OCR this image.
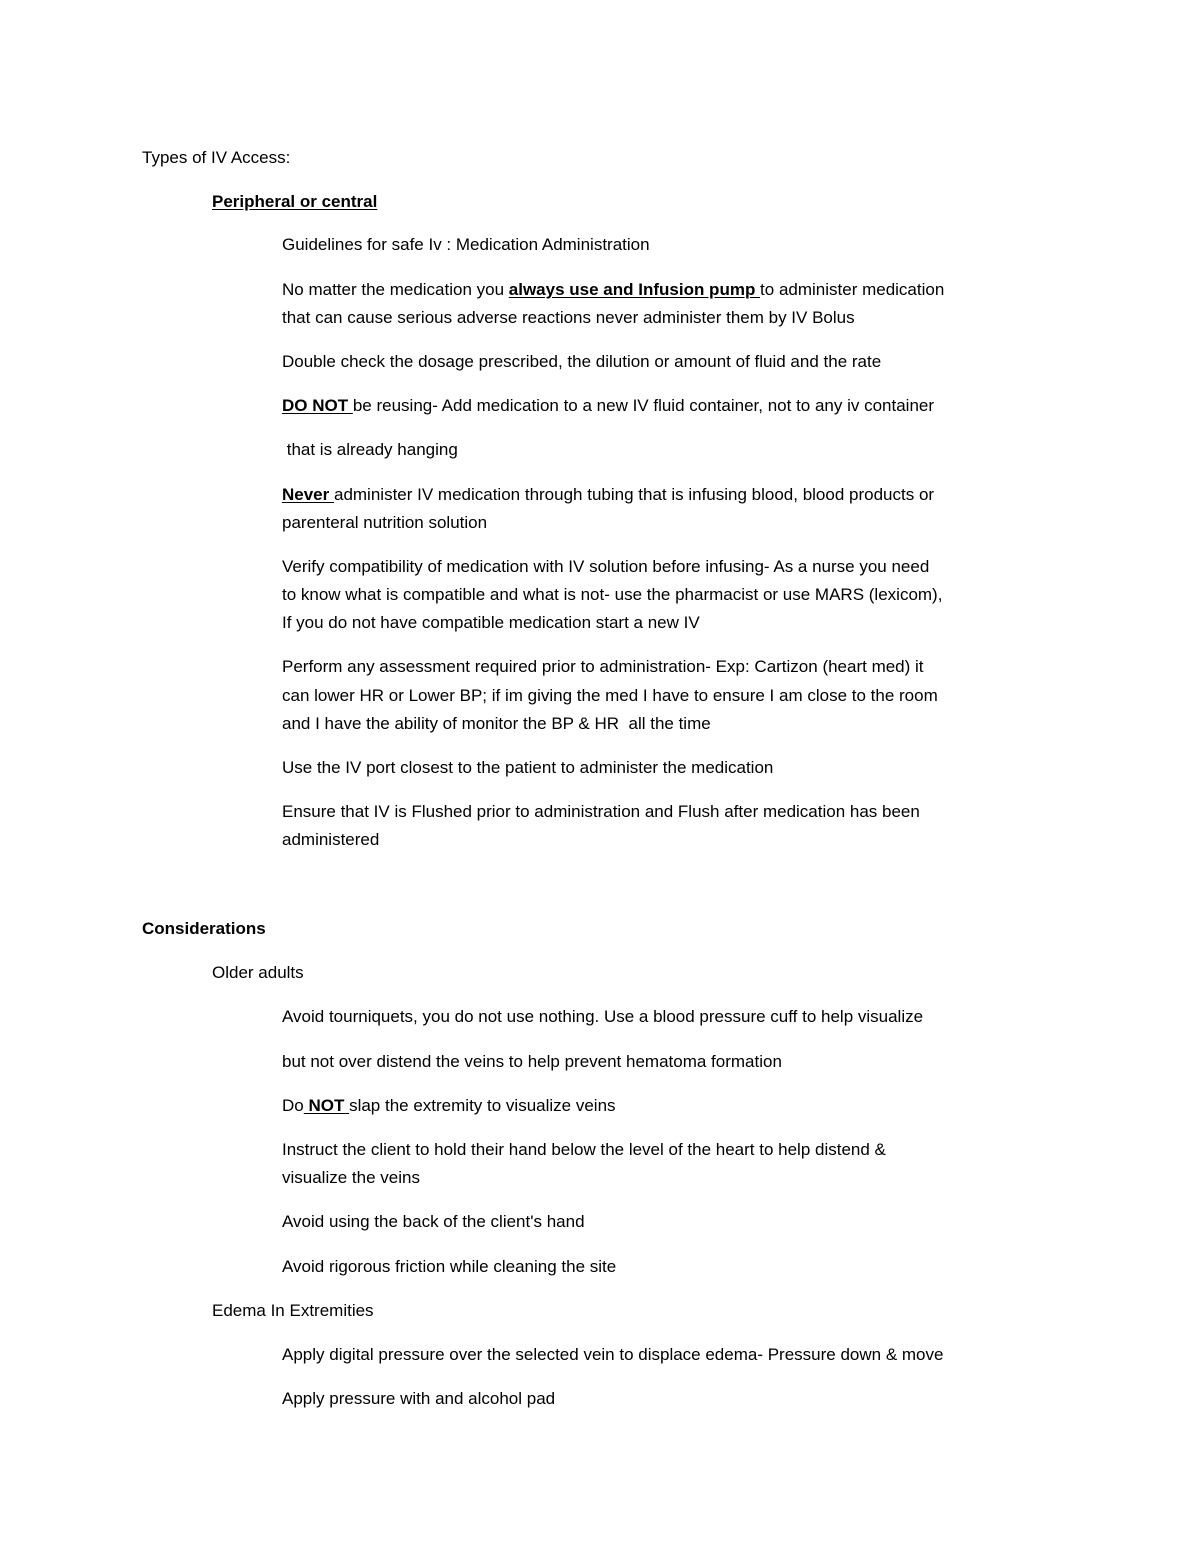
Types of IV Access:
Peripheral or central
Guidelines for safe Iv : Medication Administration
No matter the medication you always use and Infusion pump to administer medication
that can cause serious adverse reactions never administer them by IV Bolus
Double check the dosage prescribed, the dilution or amount of fluid and the rate
DO NOT be reusing- Add medication to a new IV fluid container, not to any iv container
that is already hanging
Never administer IV medication through tubing that is infusing blood, blood products or
parenteral nutrition solution
Verify compatibility of medication with IV solution before infusing- As a nurse you need
to know what is compatible and what is not- use the pharmacist or use MARS (lexicom),
If you do not have compatible medication start a new IV
Perform any assessment required prior to administration- Exp: Cartizon (heart med) it
can lower HR or Lower BP; if im giving the med I have to ensure I am close to the room
and I have the ability of monitor the BP & HR  all the time
Use the IV port closest to the patient to administer the medication
Ensure that IV is Flushed prior to administration and Flush after medication has been
administered
Considerations
Older adults
Avoid tourniquets, you do not use nothing. Use a blood pressure cuff to help visualize
but not over distend the veins to help prevent hematoma formation
Do NOT slap the extremity to visualize veins
Instruct the client to hold their hand below the level of the heart to help distend &
visualize the veins
Avoid using the back of the client's hand
Avoid rigorous friction while cleaning the site
Edema In Extremities
Apply digital pressure over the selected vein to displace edema- Pressure down & move
Apply pressure with and alcohol pad
